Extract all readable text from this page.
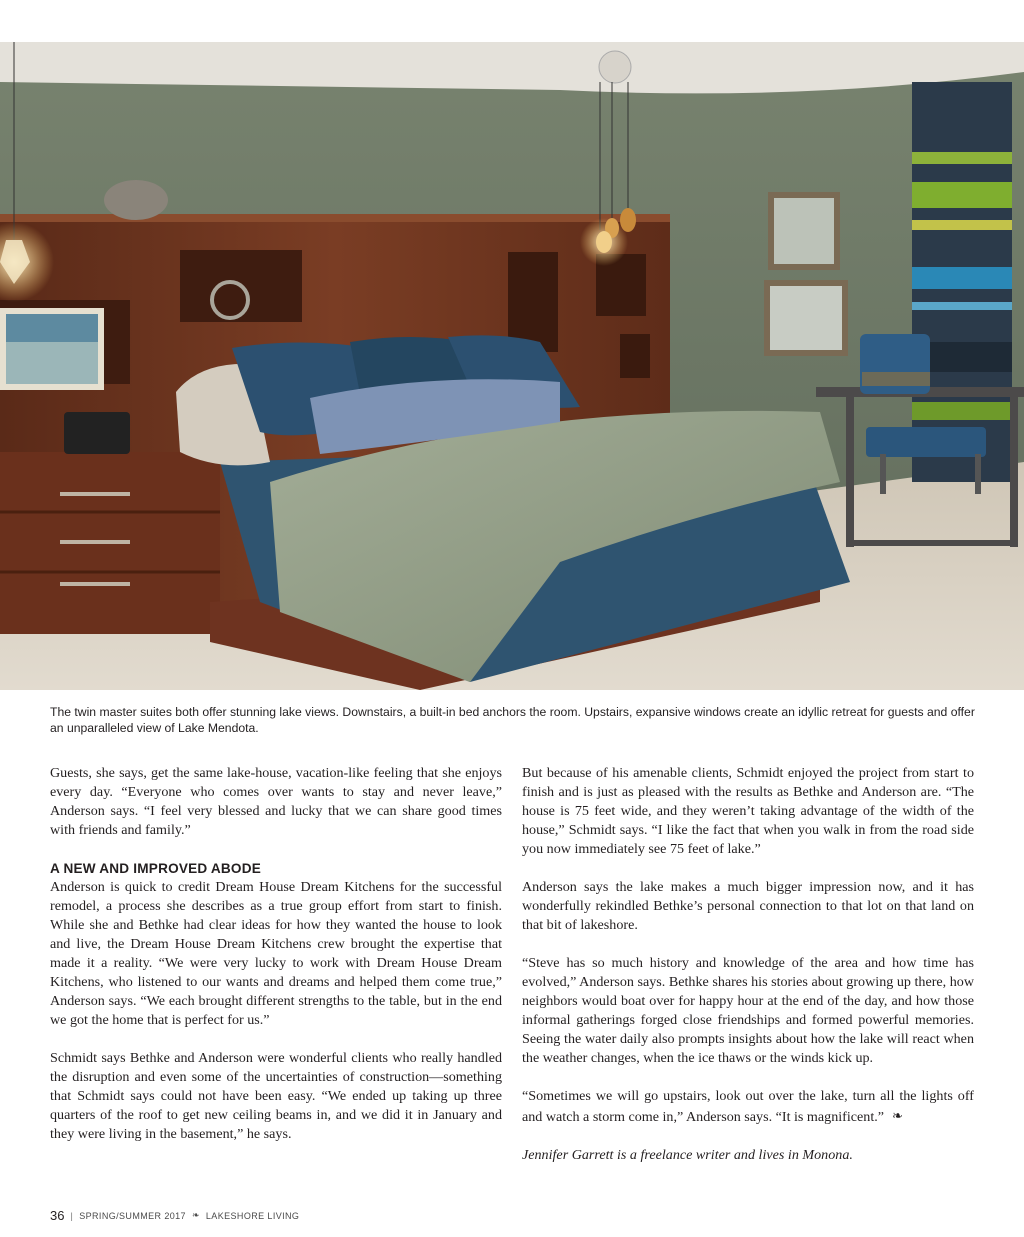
The twin master suites both offer stunning lake views. Downstairs, a built-in bed anchors the room. Upstairs, expansive windows create an idyllic retreat for guests and offer an unparalleled view of Lake Mendota.

Guests, she says, get the same lake-house, vacation-like feeling that she enjoys every day. “Everyone who comes over wants to stay and never leave,” Anderson says. “I feel very blessed and lucky that we can share good times with friends and family.”

A NEW AND IMPROVED ABODE

Anderson is quick to credit Dream House Dream Kitchens for the successful remodel, a process she describes as a true group effort from start to finish. While she and Bethke had clear ideas for how they wanted the house to look and live, the Dream House Dream Kitchens crew brought the expertise that made it a reality. “We were very lucky to work with Dream House Dream Kitchens, who listened to our wants and dreams and helped them come true,” Anderson says. “We each brought different strengths to the table, but in the end we got the home that is perfect for us.”

Schmidt says Bethke and Anderson were wonderful clients who really handled the disruption and even some of the uncertainties of construction—something that Schmidt says could not have been easy. “We ended up taking up three quarters of the roof to get new ceiling beams in, and we did it in January and they were living in the basement,” he says.

But because of his amenable clients, Schmidt enjoyed the project from start to finish and is just as pleased with the results as Bethke and Anderson are. “The house is 75 feet wide, and they weren’t taking advantage of the width of the house,” Schmidt says. “I like the fact that when you walk in from the road side you now immediately see 75 feet of lake.”

Anderson says the lake makes a much bigger impression now, and it has wonderfully rekindled Bethke’s personal connection to that lot on that land on that bit of lakeshore.

“Steve has so much history and knowledge of the area and how time has evolved,” Anderson says. Bethke shares his stories about growing up there, how neighbors would boat over for happy hour at the end of the day, and how those informal gatherings forged close friendships and formed powerful memories. Seeing the water daily also prompts insights about how the lake will react when the weather changes, when the ice thaws or the winds kick up.

“Sometimes we will go upstairs, look out over the lake, turn all the lights off and watch a storm come in,” Anderson says. “It is magnificent.” ❧

Jennifer Garrett is a freelance writer and lives in Monona.

36 | SPRING/SUMMER 2017 ❧ LAKESHORE LIVING
